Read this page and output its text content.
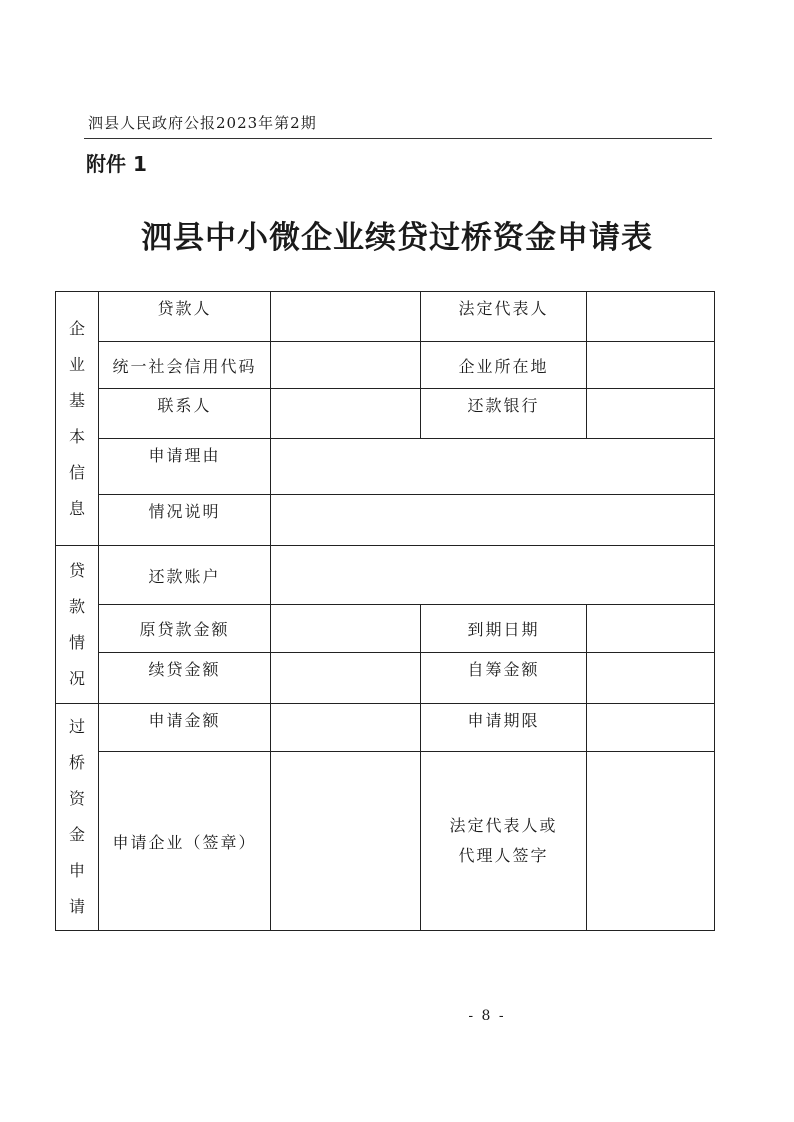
泗县人民政府公报2023年第2期
附件 1
泗县中小微企业续贷过桥资金申请表
企业基本信息	贷款人		法定代表人	
	统一社会信用代码		企业所在地	
	联系人		还款银行	
	申请理由			
	情况说明			
贷款情况	还款账户			
	原贷款金额		到期日期	
	续贷金额		自筹金额	
过桥资金申请	申请金额		申请期限	
	申请企业（签章）		法定代表人或
代理人签字	

- 8 -
